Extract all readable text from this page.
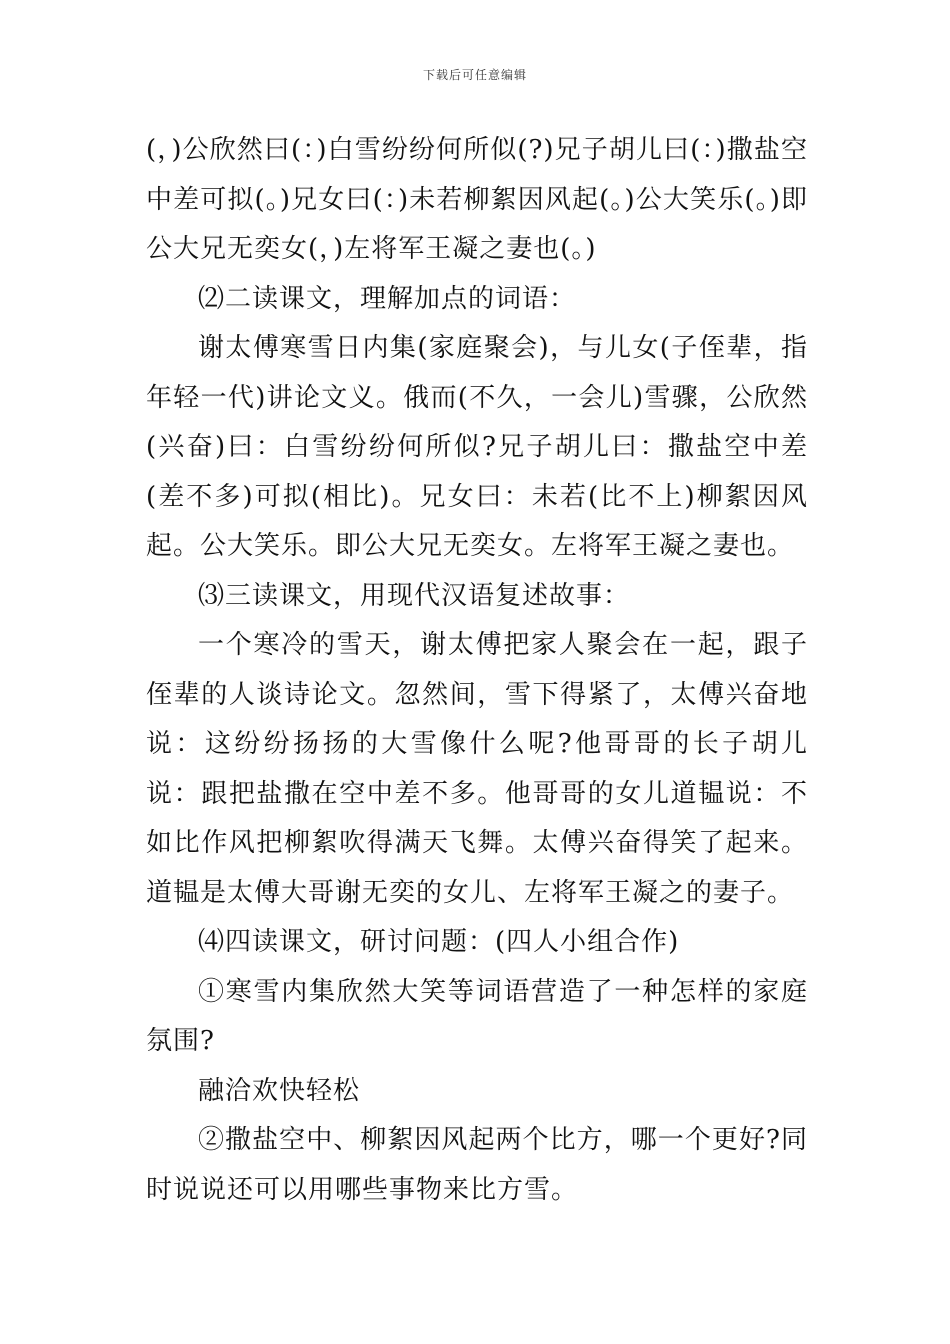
下载后可任意编辑

(，)公欣然曰(：)白雪纷纷何所似(?)兄子胡儿曰(：)撒盐空中差可拟(。)兄女曰(：)未若柳絮因风起(。)公大笑乐(。)即公大兄无奕女(，)左将军王凝之妻也(。)

⑵二读课文，理解加点的词语：

谢太傅寒雪日内集(家庭聚会)，与儿女(子侄辈，指年轻一代)讲论文义。俄而(不久，一会儿)雪骤，公欣然(兴奋)曰：白雪纷纷何所似?兄子胡儿曰：撒盐空中差(差不多)可拟(相比)。兄女曰：未若(比不上)柳絮因风起。公大笑乐。即公大兄无奕女。左将军王凝之妻也。

⑶三读课文，用现代汉语复述故事：

一个寒冷的雪天，谢太傅把家人聚会在一起，跟子侄辈的人谈诗论文。忽然间，雪下得紧了，太傅兴奋地说：这纷纷扬扬的大雪像什么呢?他哥哥的长子胡儿说：跟把盐撒在空中差不多。他哥哥的女儿道韫说：不如比作风把柳絮吹得满天飞舞。太傅兴奋得笑了起来。道韫是太傅大哥谢无奕的女儿、左将军王凝之的妻子。

⑷四读课文，研讨问题：(四人小组合作)

①寒雪内集欣然大笑等词语营造了一种怎样的家庭氛围?

融洽欢快轻松

②撒盐空中、柳絮因风起两个比方，哪一个更好?同时说说还可以用哪些事物来比方雪。
